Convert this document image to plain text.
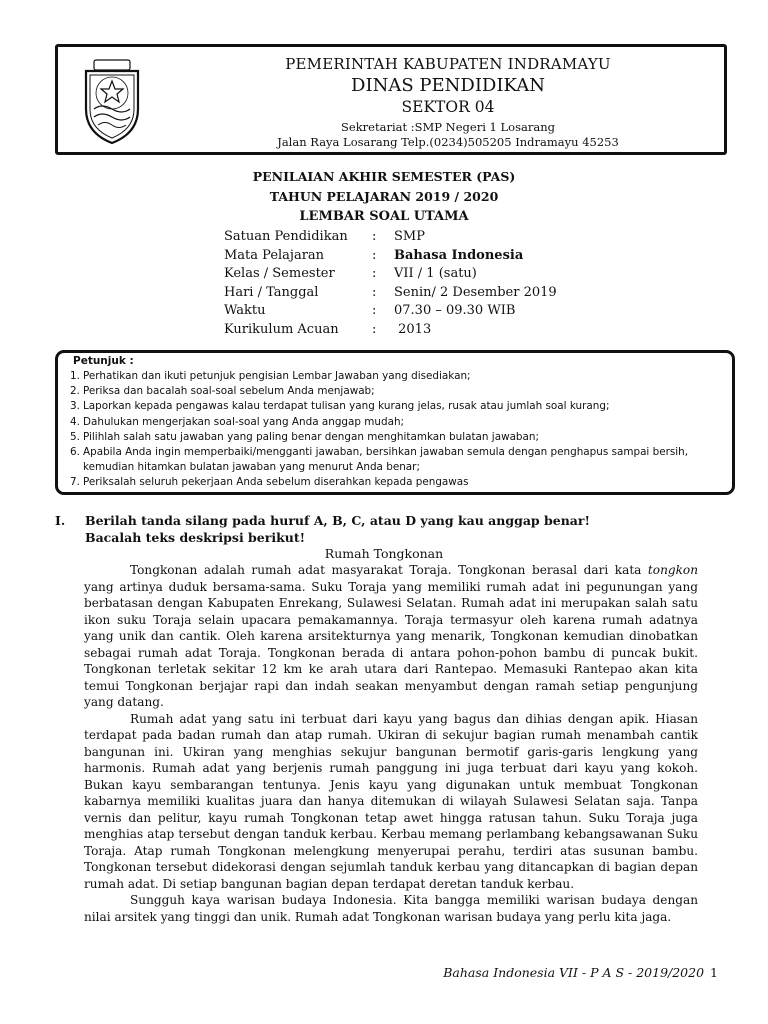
PEMERINTAH KABUPATEN INDRAMAYU
DINAS PENDIDIKAN
SEKTOR 04
Sekretariat :SMP Negeri 1 Losarang
Jalan Raya Losarang Telp.(0234)505205 Indramayu 45253
PENILAIAN AKHIR SEMESTER (PAS)
TAHUN PELAJARAN 2019 / 2020
LEMBAR SOAL UTAMA
Satuan Pendidikan	:	SMP
Mata Pelajaran	:	Bahasa Indonesia
Kelas / Semester	:	VII / 1 (satu)
Hari / Tanggal	:	Senin/ 2 Desember 2019
Waktu	:	07.30 – 09.30 WIB
Kurikulum Acuan	:	2013
Petunjuk :
1. Perhatikan dan ikuti petunjuk pengisian Lembar Jawaban yang disediakan;
2. Periksa dan bacalah soal-soal sebelum Anda menjawab;
3. Laporkan kepada pengawas kalau terdapat tulisan yang kurang jelas, rusak atau jumlah soal kurang;
4. Dahulukan mengerjakan soal-soal yang Anda anggap mudah;
5. Pilihlah salah satu jawaban yang paling benar dengan menghitamkan bulatan jawaban;
6. Apabila Anda ingin memperbaiki/mengganti jawaban, bersihkan jawaban semula dengan penghapus sampai bersih, kemudian hitamkan bulatan jawaban yang menurut Anda benar;
7. Periksalah seluruh pekerjaan Anda sebelum diserahkan kepada pengawas
I.	Berilah tanda silang pada huruf A, B, C, atau D yang kau anggap benar!
Bacalah teks deskripsi berikut!
Rumah Tongkonan

Tongkonan adalah rumah adat masyarakat Toraja. Tongkonan berasal dari kata tongkon yang artinya duduk bersama-sama. Suku Toraja yang memiliki rumah adat ini pegunungan yang berbatasan dengan Kabupaten Enrekang, Sulawesi Selatan. Rumah adat ini merupakan salah satu ikon suku Toraja selain upacara pemakamannya. Toraja termasyur oleh karena rumah adatnya yang unik dan cantik. Oleh karena arsitekturnya yang menarik, Tongkonan kemudian dinobatkan sebagai rumah adat Toraja. Tongkonan berada di antara pohon-pohon bambu di puncak bukit. Tongkonan terletak sekitar 12 km ke arah utara dari Rantepao. Memasuki Rantepao akan kita temui Tongkonan berjajar rapi dan indah seakan menyambut dengan ramah setiap pengunjung yang datang.

Rumah adat yang satu ini terbuat dari kayu yang bagus dan dihias dengan apik. Hiasan terdapat pada badan rumah dan atap rumah. Ukiran di sekujur bagian rumah menambah cantik bangunan ini. Ukiran yang menghias sekujur bangunan bermotif garis-garis lengkung yang harmonis. Rumah adat yang berjenis rumah panggung ini juga terbuat dari kayu yang kokoh. Bukan kayu sembarangan tentunya. Jenis kayu yang digunakan untuk membuat Tongkonan kabarnya memiliki kualitas juara dan hanya ditemukan di wilayah Sulawesi Selatan saja. Tanpa vernis dan pelitur, kayu rumah Tongkonan tetap awet hingga ratusan tahun. Suku Toraja juga menghias atap tersebut dengan tanduk kerbau. Kerbau memang perlambang kebangsawanan Suku Toraja. Atap rumah Tongkonan melengkung menyerupai perahu, terdiri atas susunan bambu. Tongkonan tersebut didekorasi dengan sejumlah tanduk kerbau yang ditancapkan di bagian depan rumah adat. Di setiap bangunan bagian depan terdapat deretan tanduk kerbau.

Sungguh kaya warisan budaya Indonesia. Kita bangga memiliki warisan budaya dengan nilai arsitek yang tinggi dan unik. Rumah adat Tongkonan warisan budaya yang perlu kita jaga.

Bahasa Indonesia VII - P A S - 2019/2020 1
